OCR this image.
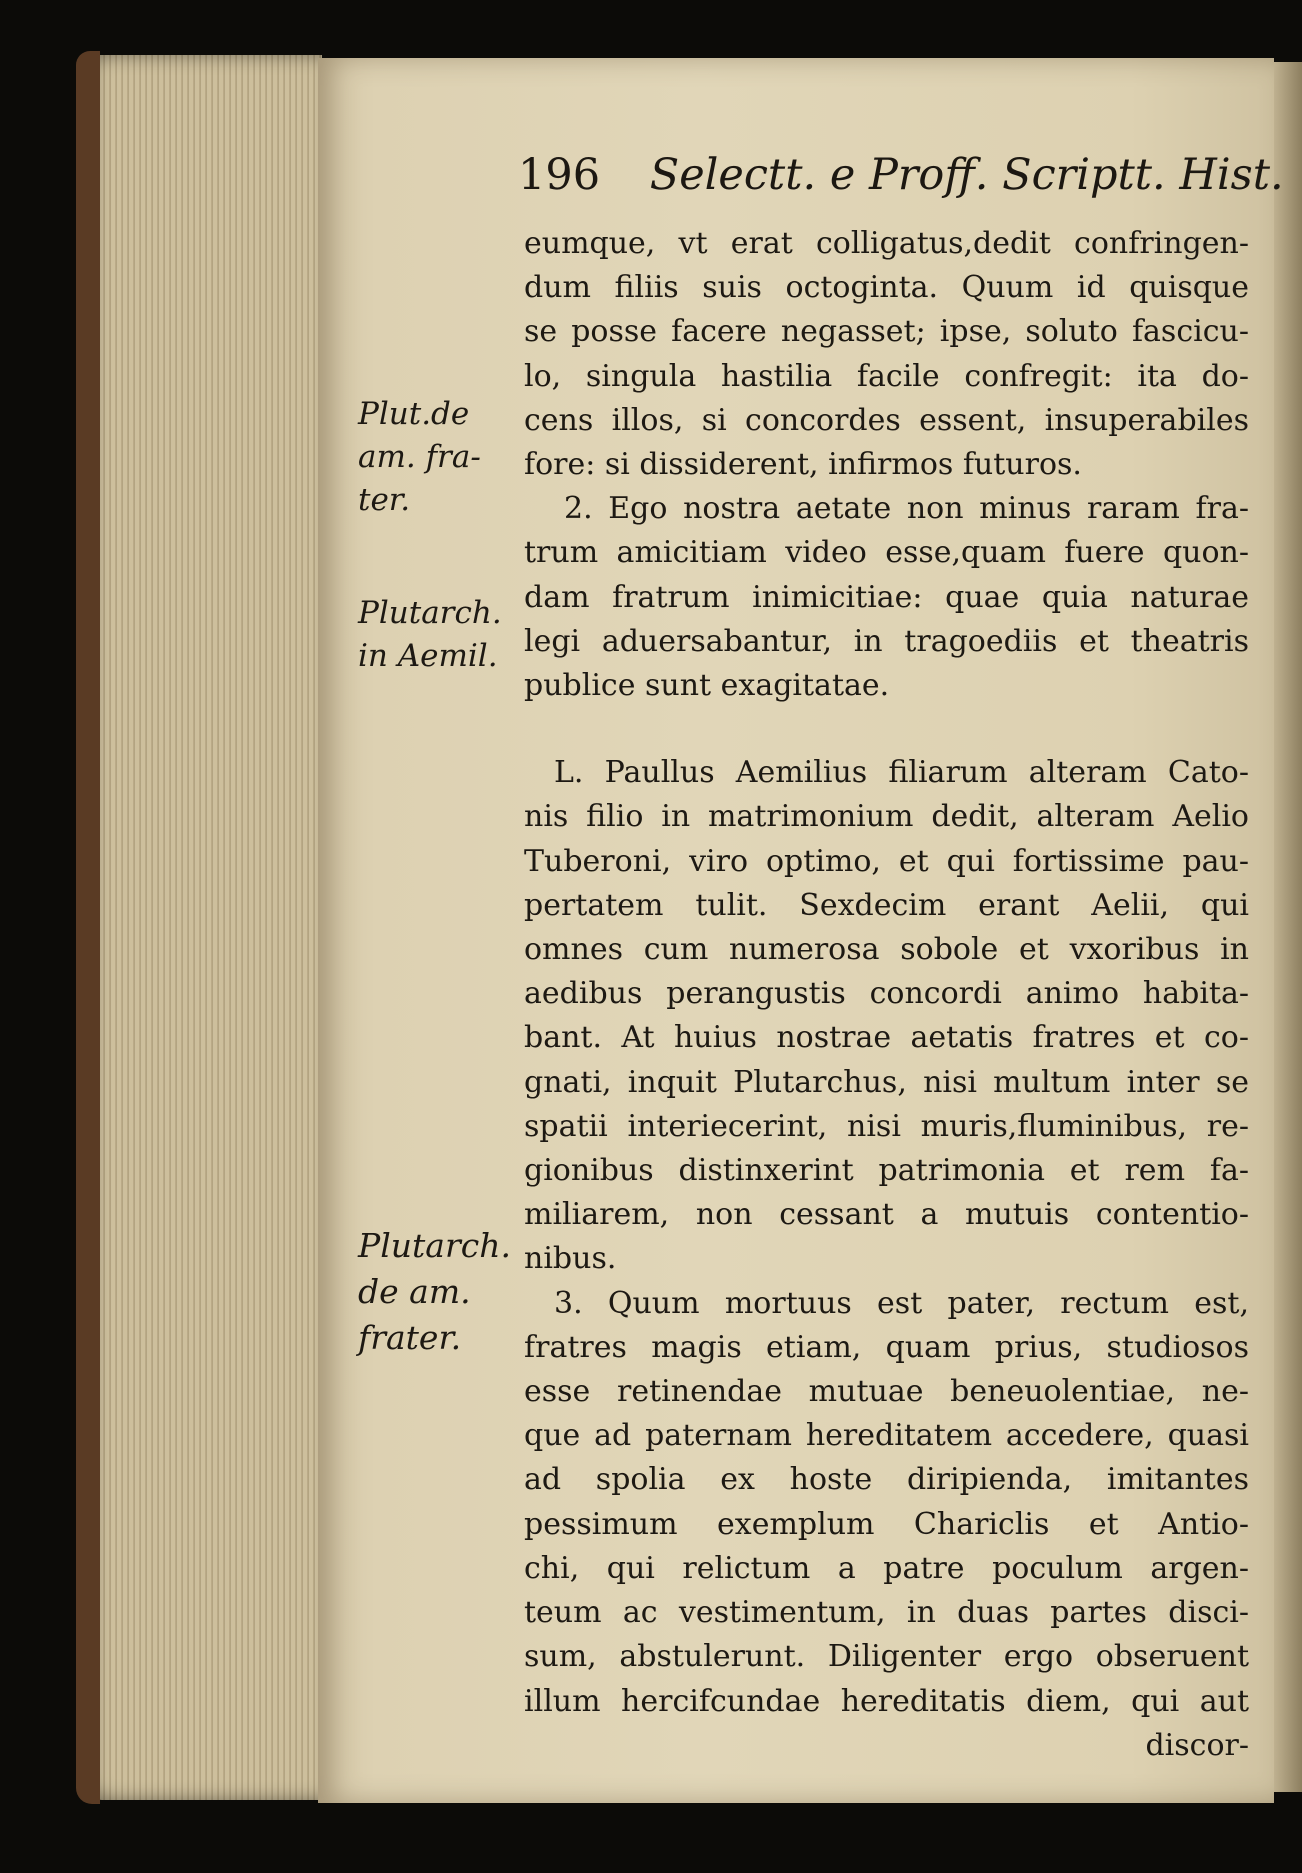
196 Selectt. e Proff. Scriptt. Hist.
Plut.de
am. fra-
ter.
Plutarch.
in Aemil.
Plutarch.
de am.
frater.
eumque, vt erat colligatus,dedit confringen-
dum filiis suis octoginta. Quum id quisque
se posse facere negasset; ipse, soluto fascicu-
lo, singula hastilia facile confregit: ita do-
cens illos, si concordes essent, insuperabiles
fore: si dissiderent, infirmos futuros.
2. Ego nostra aetate non minus raram fra-
trum amicitiam video esse,quam fuere quon-
dam fratrum inimicitiae: quae quia naturae
legi aduersabantur, in tragoediis et theatris
publice sunt exagitatae.
L. Paullus Aemilius filiarum alteram Cato-
nis filio in matrimonium dedit, alteram Aelio
Tuberoni, viro optimo, et qui fortissime pau-
pertatem tulit. Sexdecim erant Aelii, qui
omnes cum numerosa sobole et vxoribus in
aedibus perangustis concordi animo habita-
bant. At huius nostrae aetatis fratres et co-
gnati, inquit Plutarchus, nisi multum inter se
spatii interiecerint, nisi muris,fluminibus, re-
gionibus distinxerint patrimonia et rem fa-
miliarem, non cessant a mutuis contentio-
nibus.
3. Quum mortuus est pater, rectum est,
fratres magis etiam, quam prius, studiosos
esse retinendae mutuae beneuolentiae, ne-
que ad paternam hereditatem accedere, quasi
ad spolia ex hoste diripienda, imitantes
pessimum exemplum Chariclis et Antio-
chi, qui relictum a patre poculum argen-
teum ac vestimentum, in duas partes disci-
sum, abstulerunt. Diligenter ergo obseruent
illum hercifcundae hereditatis diem, qui aut
discor-
